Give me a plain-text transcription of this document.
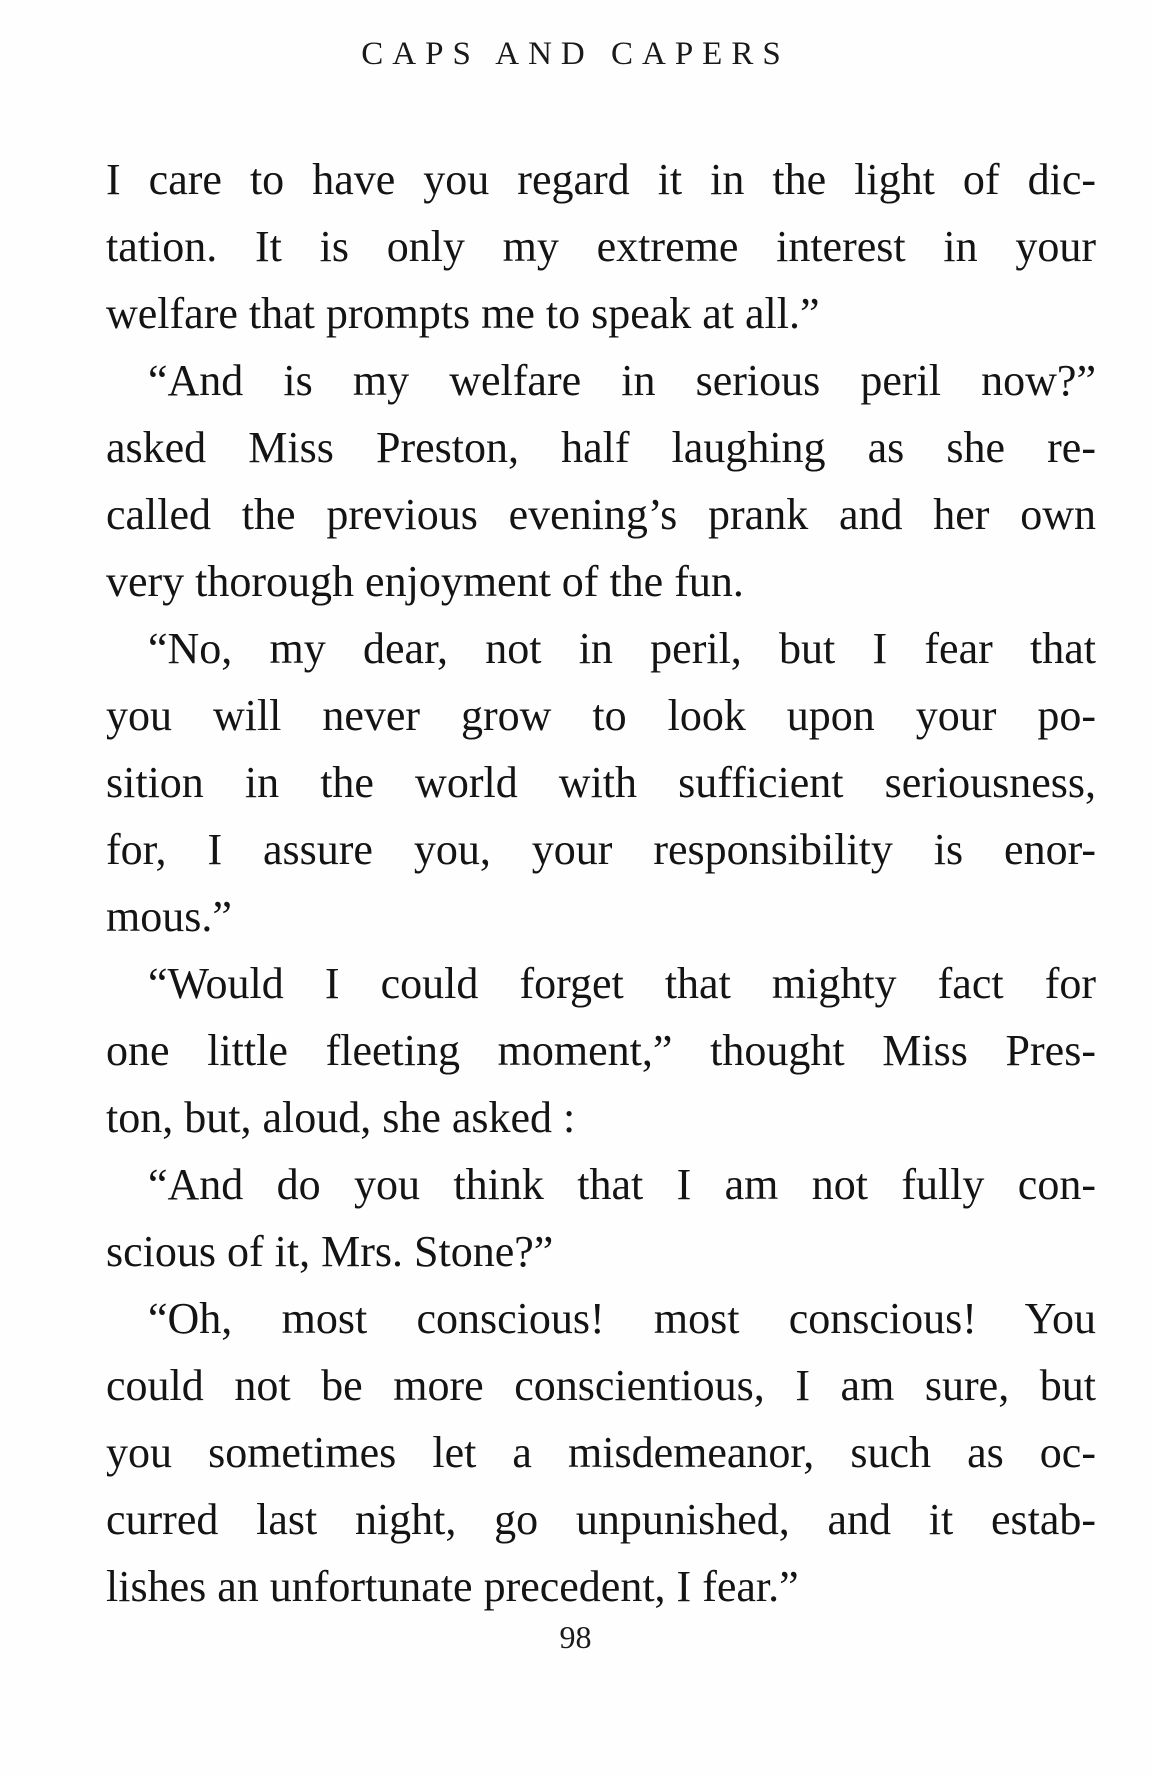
CAPS AND CAPERS
I care to have you regard it in the light of dic-
tation. It is only my extreme interest in your
welfare that prompts me to speak at all.”
“And is my welfare in serious peril now?”
asked Miss Preston, half laughing as she re-
called the previous evening’s prank and her own
very thorough enjoyment of the fun.
“No, my dear, not in peril, but I fear that
you will never grow to look upon your po-
sition in the world with sufficient seriousness,
for, I assure you, your responsibility is enor-
mous.”
“Would I could forget that mighty fact for
one little fleeting moment,” thought Miss Pres-
ton, but, aloud, she asked :
“And do you think that I am not fully con-
scious of it, Mrs. Stone?”
“Oh, most conscious! most conscious! You
could not be more conscientious, I am sure, but
you sometimes let a misdemeanor, such as oc-
curred last night, go unpunished, and it estab-
lishes an unfortunate precedent, I fear.”
98
